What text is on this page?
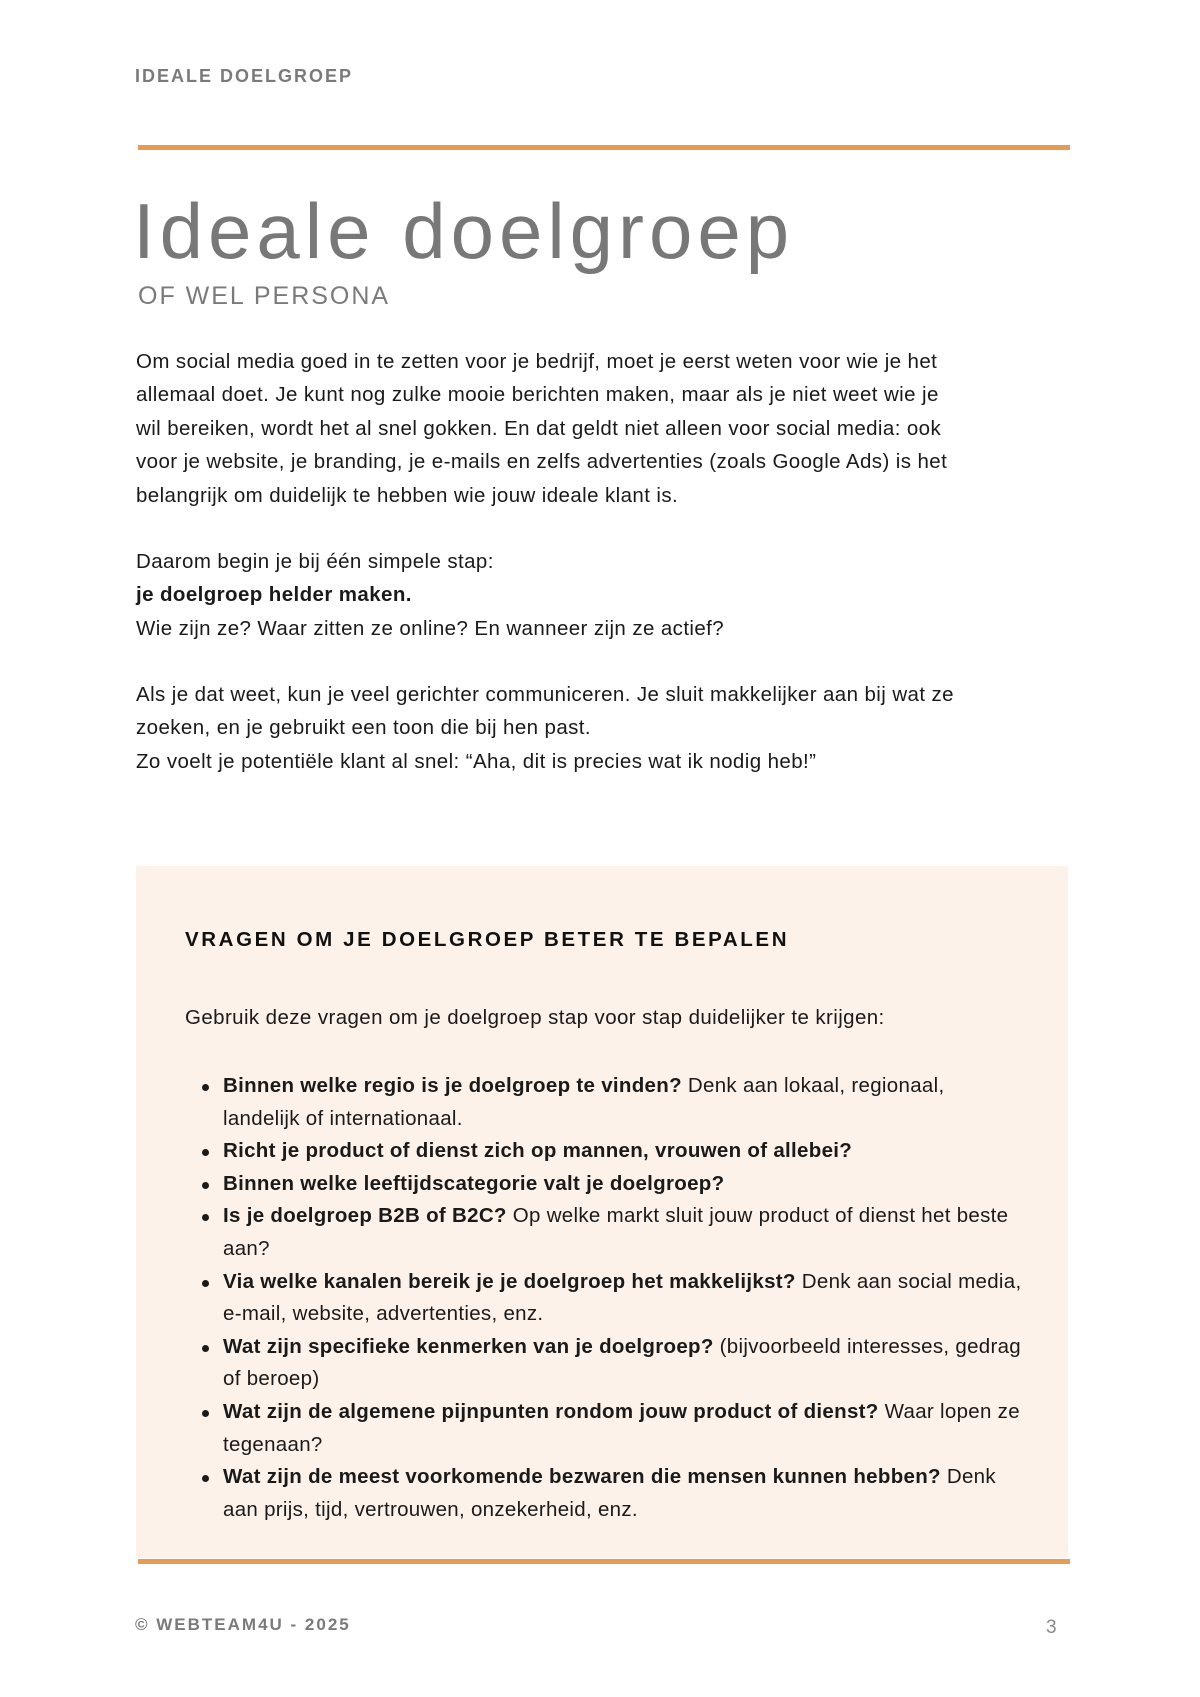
IDEALE DOELGROEP
Ideale doelgroep
OF WEL PERSONA
Om social media goed in te zetten voor je bedrijf, moet je eerst weten voor wie je het
allemaal doet. Je kunt nog zulke mooie berichten maken, maar als je niet weet wie je
wil bereiken, wordt het al snel gokken. En dat geldt niet alleen voor social media: ook
voor je website, je branding, je e-mails en zelfs advertenties (zoals Google Ads) is het
belangrijk om duidelijk te hebben wie jouw ideale klant is.
Daarom begin je bij één simpele stap:
je doelgroep helder maken.
Wie zijn ze? Waar zitten ze online? En wanneer zijn ze actief?
Als je dat weet, kun je veel gerichter communiceren. Je sluit makkelijker aan bij wat ze
zoeken, en je gebruikt een toon die bij hen past.
Zo voelt je potentiële klant al snel: “Aha, dit is precies wat ik nodig heb!”
VRAGEN OM JE DOELGROEP BETER TE BEPALEN
Gebruik deze vragen om je doelgroep stap voor stap duidelijker te krijgen:
Binnen welke regio is je doelgroep te vinden? Denk aan lokaal, regionaal, landelijk of internationaal.
Richt je product of dienst zich op mannen, vrouwen of allebei?
Binnen welke leeftijdscategorie valt je doelgroep?
Is je doelgroep B2B of B2C? Op welke markt sluit jouw product of dienst het beste aan?
Via welke kanalen bereik je je doelgroep het makkelijkst? Denk aan social media, e-mail, website, advertenties, enz.
Wat zijn specifieke kenmerken van je doelgroep? (bijvoorbeeld interesses, gedrag of beroep)
Wat zijn de algemene pijnpunten rondom jouw product of dienst? Waar lopen ze tegenaan?
Wat zijn de meest voorkomende bezwaren die mensen kunnen hebben? Denk aan prijs, tijd, vertrouwen, onzekerheid, enz.
© WEBTEAM4U - 2025	3
